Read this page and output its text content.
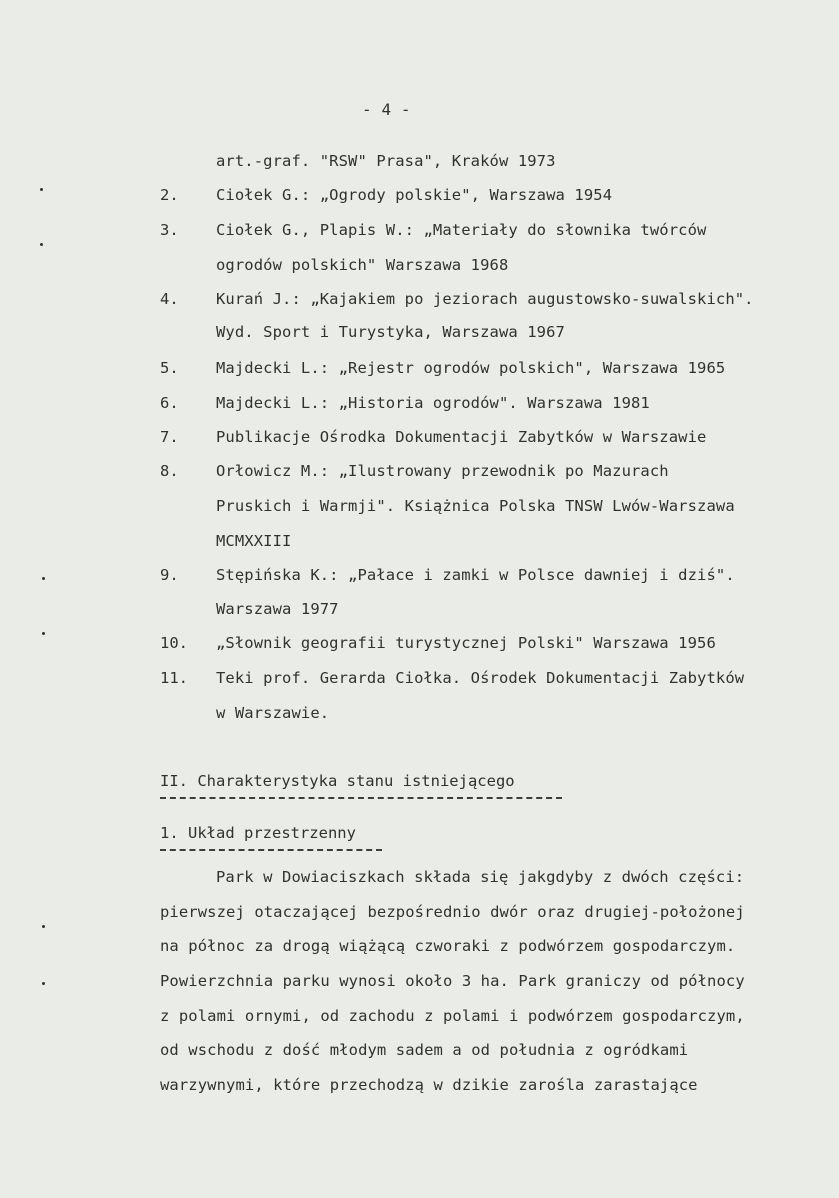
- 4 -
art.-graf. "RSW" Prasa", Kraków 1973
2. Ciołek G.: „Ogrody polskie", Warszawa 1954
3. Ciołek G., Plapis W.: „Materiały do słownika twórców
ogrodów polskich" Warszawa 1968
4. Kurań J.: „Kajakiem po jeziorach augustowsko-suwalskich".
Wyd. Sport i Turystyka, Warszawa 1967
5. Majdecki L.: „Rejestr ogrodów polskich", Warszawa 1965
6. Majdecki L.: „Historia ogrodów". Warszawa 1981
7. Publikacje Ośrodka Dokumentacji Zabytków w Warszawie
8. Orłowicz M.: „Ilustrowany przewodnik po Mazurach
Pruskich i Warmji". Książnica Polska TNSW Lwów-Warszawa
MCMXXIII
9. Stępińska K.: „Pałace i zamki w Polsce dawniej i dziś".
Warszawa 1977
10. „Słownik geografii turystycznej Polski" Warszawa 1956
11. Teki prof. Gerarda Ciołka. Ośrodek Dokumentacji Zabytków
w Warszawie.
II. Charakterystyka stanu istniejącego
1. Układ przestrzenny
Park w Dowiaciszkach składa się jakgdyby z dwóch części:
pierwszej otaczającej bezpośrednio dwór oraz drugiej-położonej
na północ za drogą wiążącą czworaki z podwórzem gospodarczym.
Powierzchnia parku wynosi około 3 ha. Park graniczy od północy
z polami ornymi, od zachodu z polami i podwórzem gospodarczym,
od wschodu z dość młodym sadem a od południa z ogródkami
warzywnymi, które przechodzą w dzikie zarośla zarastające
